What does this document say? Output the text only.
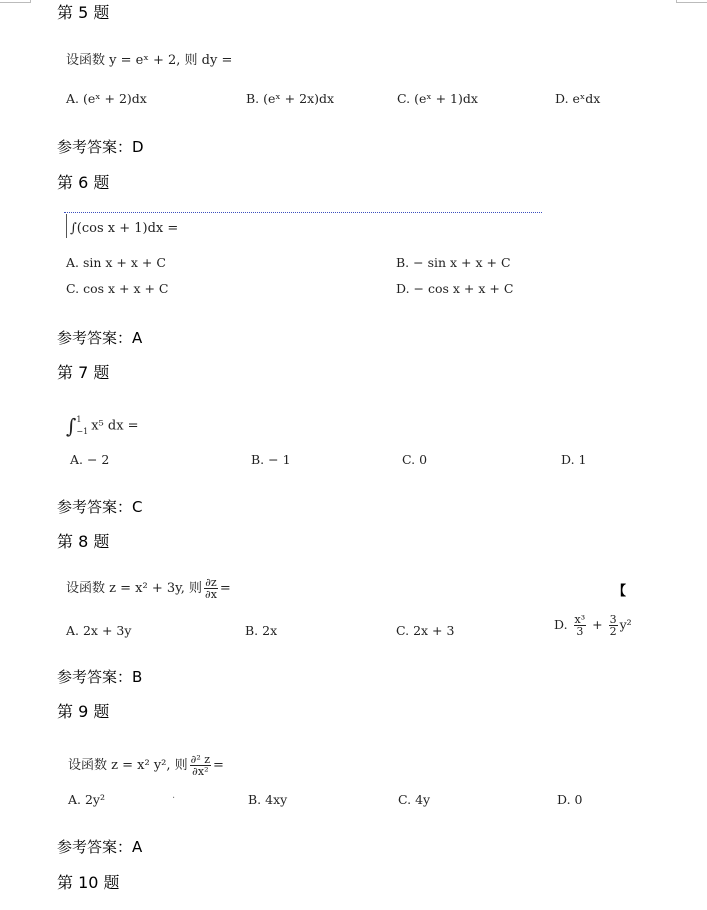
第 5 题
设函数 y = eˣ + 2, 则 dy =
A. (eˣ + 2)dx	B. (eˣ + 2x)dx	C. (eˣ + 1)dx	D. eˣdx
参考答案：D
第 6 题
∫(cos x + 1)dx =
A. sin x + x + C	B. − sin x + x + C
C. cos x + x + C	D. − cos x + x + C
参考答案：A
第 7 题
∫ 1
−1 x⁵ dx =
A. − 2	B. − 1	C. 0	D. 1
参考答案：C
第 8 题
设函数 z = x² + 3y, 则 $\frac{\partial z}{\partial x}$ =	【
A. 2x + 3y	B. 2x	C. 2x + 3	D. $\frac{\text{x³}}{3} + \frac{3}{2} y^2$
参考答案：B
第 9 题
设函数 z = x² y², 则 $\frac{\text{∂² z}}{\text{∂x²}}$ =
A. 2y²	·	B. 4xy	C. 4y	D. 0
参考答案：A
第 10 题
